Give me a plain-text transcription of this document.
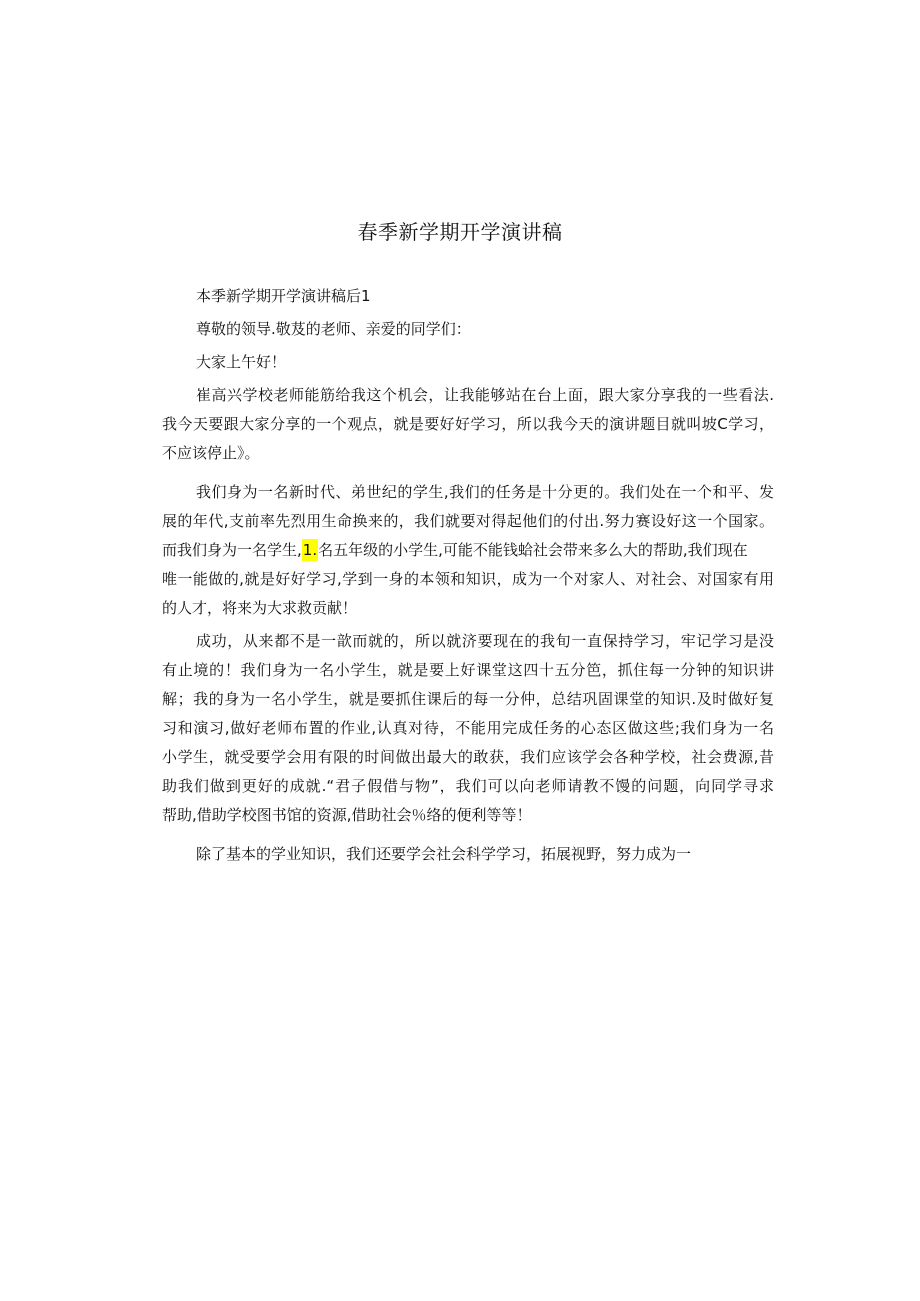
春季新学期开学演讲稿
本季新学期开学演讲稿后1
尊敬的领导.敬芨的老师、亲爱的同学们：
大家上午好！
崔高兴学校老师能筋给我这个机会，让我能够站在台上面，跟大家分享我的一些看法.
我今天要跟大家分享的一个观点，就是要好好学习，所以我今天的演讲题目就叫坡C学习，
不应该停止》。
我们身为一名新时代、弟世纪的学生,我们的任务是十分更的。我们处在一个和平、发
展的年代,支前率先烈用生命换来的，我们就要对得起他们的付出.努力赛设好这一个国家。
而我们身为一名学生,1.名五年级的小学生,可能不能钱蛤社会带来多么大的帮助,我们现在
唯一能做的,就是好好学习,学到一身的本领和知识，成为一个对家人、对社会、对国家有用
的人才，将来为大求救贡献！
成功，从来都不是一歆而就的，所以就济要现在的我旬一直保持学习，牢记学习是没
有止境的！我们身为一名小学生，就是要上好课堂这四十五分笆，抓住每一分钟的知识讲
解；我的身为一名小学生，就是要抓住课后的每一分仲，总结巩固课堂的知识.及时做好复
习和演习,做好老师布置的作业,认真对待，不能用完成任务的心态区做这些;我们身为一名
小学生，就受要学会用有限的时间做出最大的敢获，我们应该学会各种学校，社会费源,昔
助我们做到更好的成就.“君子假借与物”，我们可以向老师请教不馒的问题，向同学寻求
帮助,借助学校图书馆的资源,借助社会％络的便利等等！
除了基本的学业知识，我们还要学会社会科学学习，拓展视野，努力成为一
